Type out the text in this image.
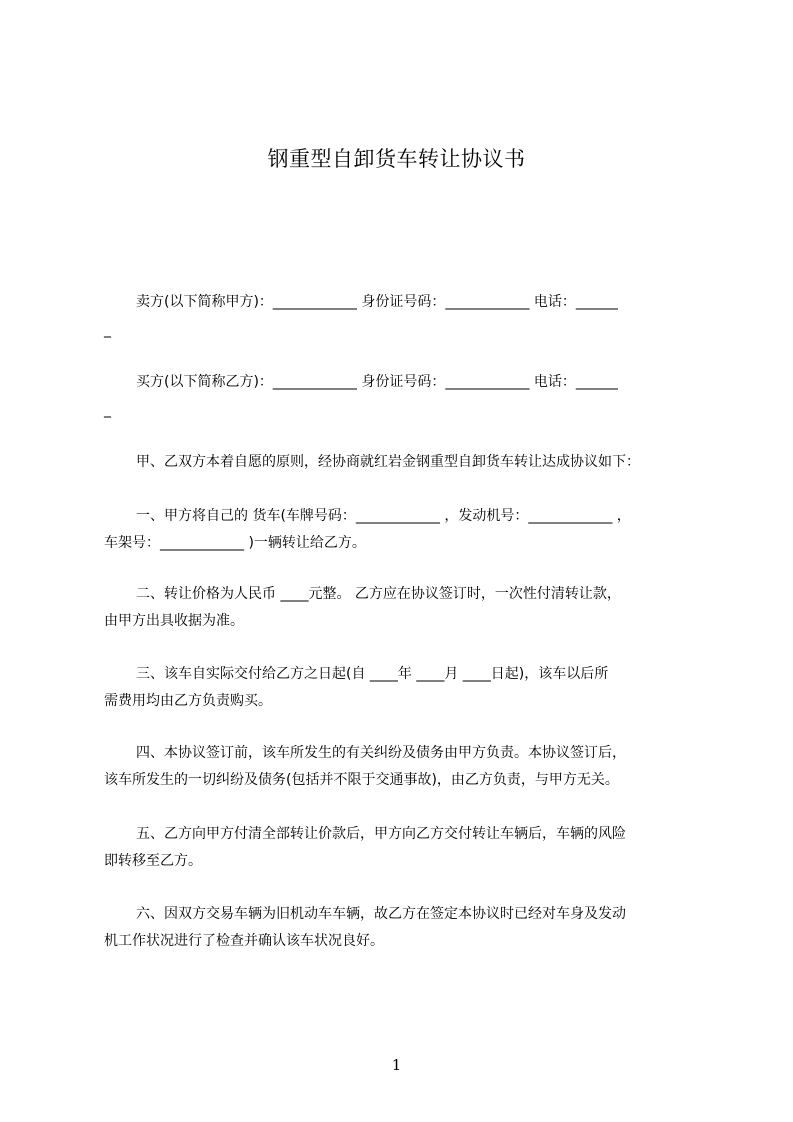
钢重型自卸货车转让协议书
卖方(以下简称甲方)：____________ 身份证号码：____________ 电话：______
_
买方(以下简称乙方)：____________ 身份证号码：____________ 电话：______
_
甲、乙双方本着自愿的原则，经协商就红岩金钢重型自卸货车转让达成协议如下：
一、甲方将自己的 货车(车牌号码：____________ ，发动机号：____________ ，
车架号：____________ )一辆转让给乙方。
二、转让价格为人民币 ____元整。 乙方应在协议签订时，一次性付清转让款，
由甲方出具收据为准。
三、该车自实际交付给乙方之日起(自 ____年 ____月 ____日起)，该车以后所
需费用均由乙方负责购买。
四、本协议签订前，该车所发生的有关纠纷及债务由甲方负责。本协议签订后，
该车所发生的一切纠纷及债务(包括并不限于交通事故)，由乙方负责，与甲方无关。
五、乙方向甲方付清全部转让价款后，甲方向乙方交付转让车辆后，车辆的风险
即转移至乙方。
六、因双方交易车辆为旧机动车车辆，故乙方在签定本协议时已经对车身及发动
机工作状况进行了检查并确认该车状况良好。
1
